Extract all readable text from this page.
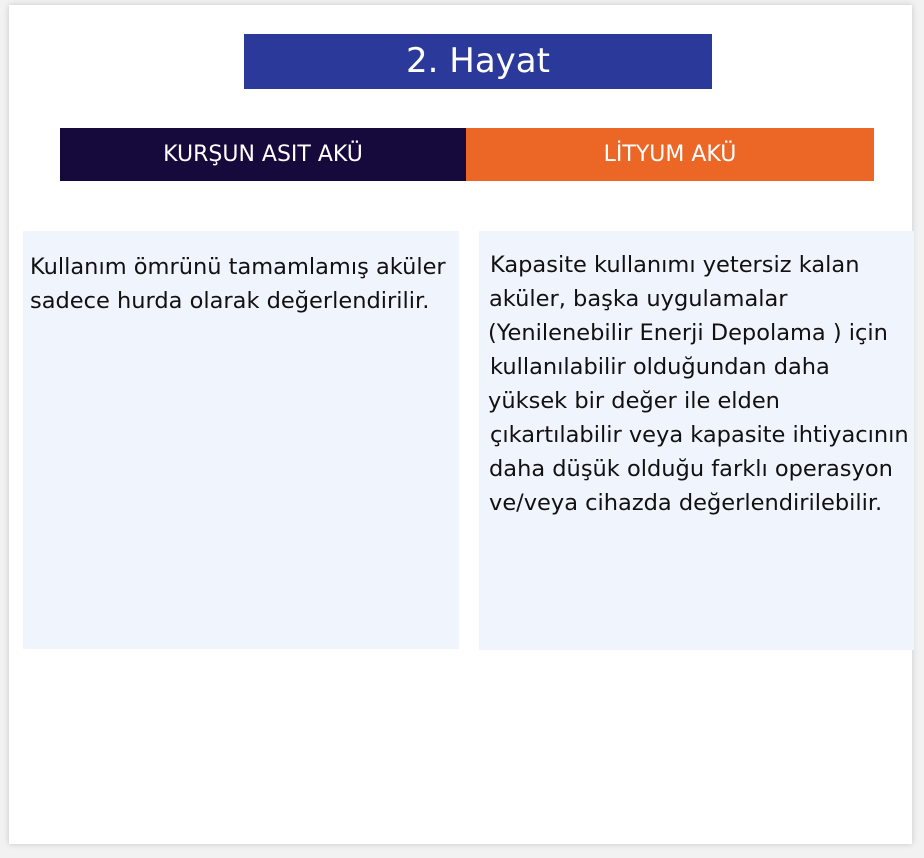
2. Hayat
KURŞUN ASIT AKÜ	LİTYUM AKÜ
Kullanım ömrünü tamamlamış aküler
sadece hurda olarak değerlendirilir.
Kapasite kullanımı yetersiz kalan
aküler, başka uygulamalar
(Yenilenebilir Enerji Depolama ) için
kullanılabilir olduğundan daha
yüksek bir değer ile elden
çıkartılabilir veya kapasite ihtiyacının
daha düşük olduğu farklı operasyon
ve/veya cihazda değerlendirilebilir.
